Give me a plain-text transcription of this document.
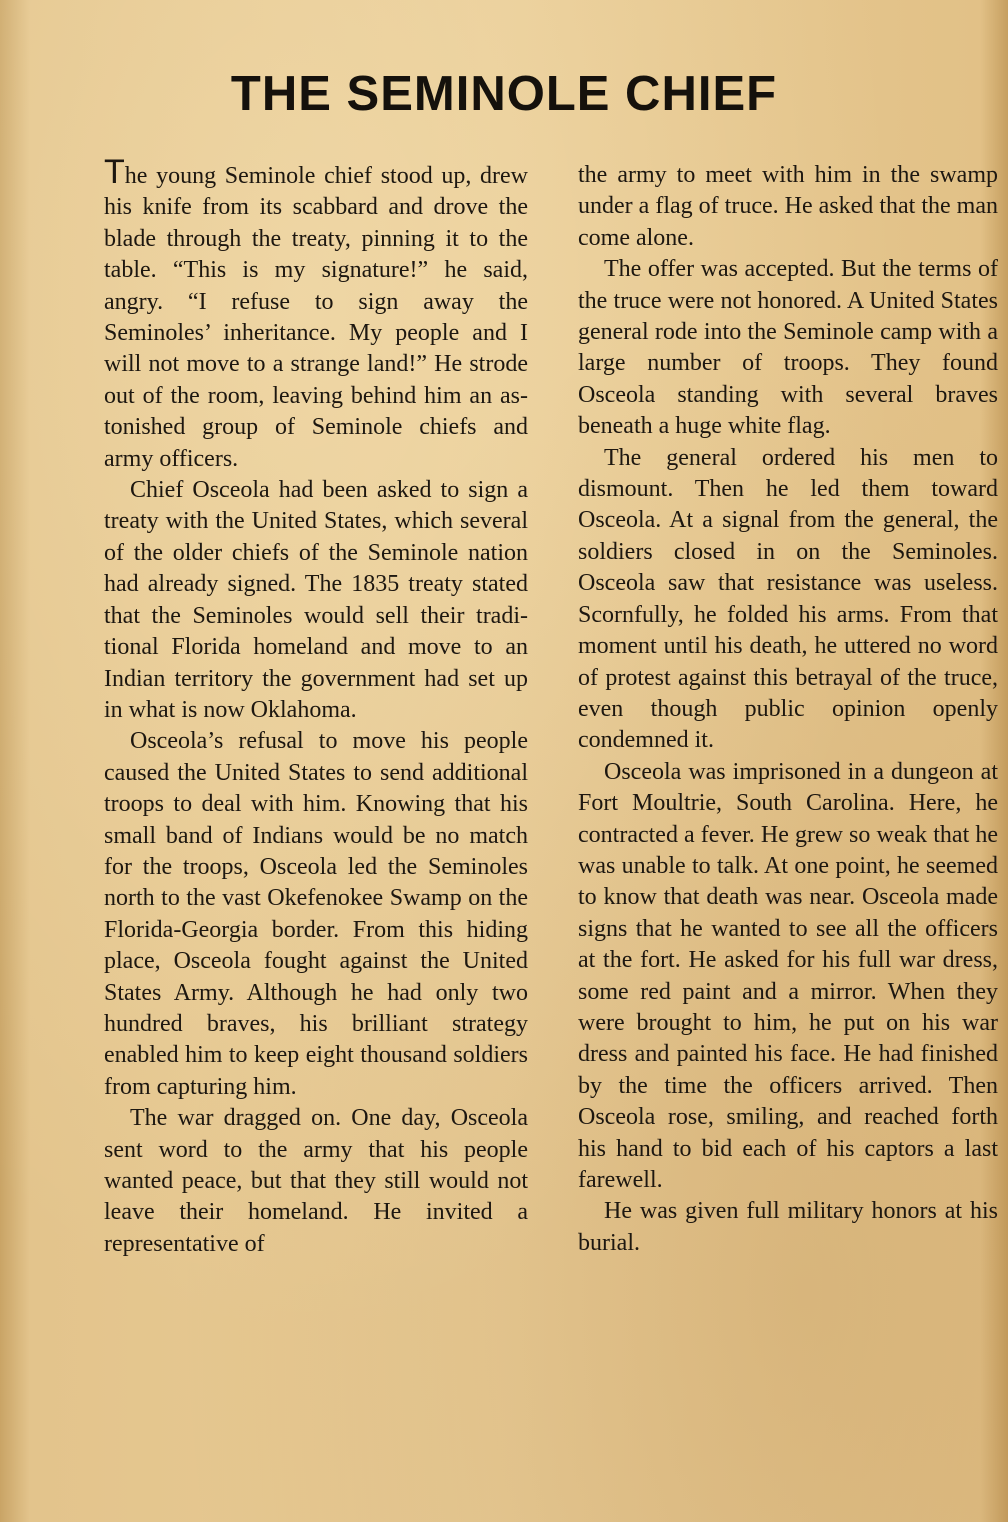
THE SEMINOLE CHIEF

The young Seminole chief stood up, drew his knife from its scabbard and drove the blade through the treaty, pinning it to the table. “This is my signature!” he said, angry. “I refuse to sign away the Seminoles’ inheritance. My people and I will not move to a strange land!” He strode out of the room, leaving behind him an astonished group of Seminole chiefs and army officers.

Chief Osceola had been asked to sign a treaty with the United States, which several of the older chiefs of the Seminole nation had already signed. The 1835 treaty stated that the Seminoles would sell their traditional Florida homeland and move to an Indian territory the government had set up in what is now Oklahoma.

Osceola’s refusal to move his people caused the United States to send additional troops to deal with him. Knowing that his small band of Indians would be no match for the troops, Osceola led the Seminoles north to the vast Okefenokee Swamp on the Florida-Georgia border. From this hiding place, Osceola fought against the United States Army. Although he had only two hundred braves, his brilliant strategy enabled him to keep eight thousand soldiers from capturing him.

The war dragged on. One day, Osceola sent word to the army that his people wanted peace, but that they still would not leave their homeland. He invited a representative of

the army to meet with him in the swamp under a flag of truce. He asked that the man come alone.

The offer was accepted. But the terms of the truce were not honored. A United States general rode into the Seminole camp with a large number of troops. They found Osceola standing with several braves beneath a huge white flag.

The general ordered his men to dismount. Then he led them toward Osceola. At a signal from the general, the soldiers closed in on the Seminoles. Osceola saw that resistance was useless. Scornfully, he folded his arms. From that moment until his death, he uttered no word of protest against this betrayal of the truce, even though public opinion openly condemned it.

Osceola was imprisoned in a dungeon at Fort Moultrie, South Carolina. Here, he contracted a fever. He grew so weak that he was unable to talk. At one point, he seemed to know that death was near. Osceola made signs that he wanted to see all the officers at the fort. He asked for his full war dress, some red paint and a mirror. When they were brought to him, he put on his war dress and painted his face. He had finished by the time the officers arrived. Then Osceola rose, smiling, and reached forth his hand to bid each of his captors a last farewell.

He was given full military honors at his burial.
